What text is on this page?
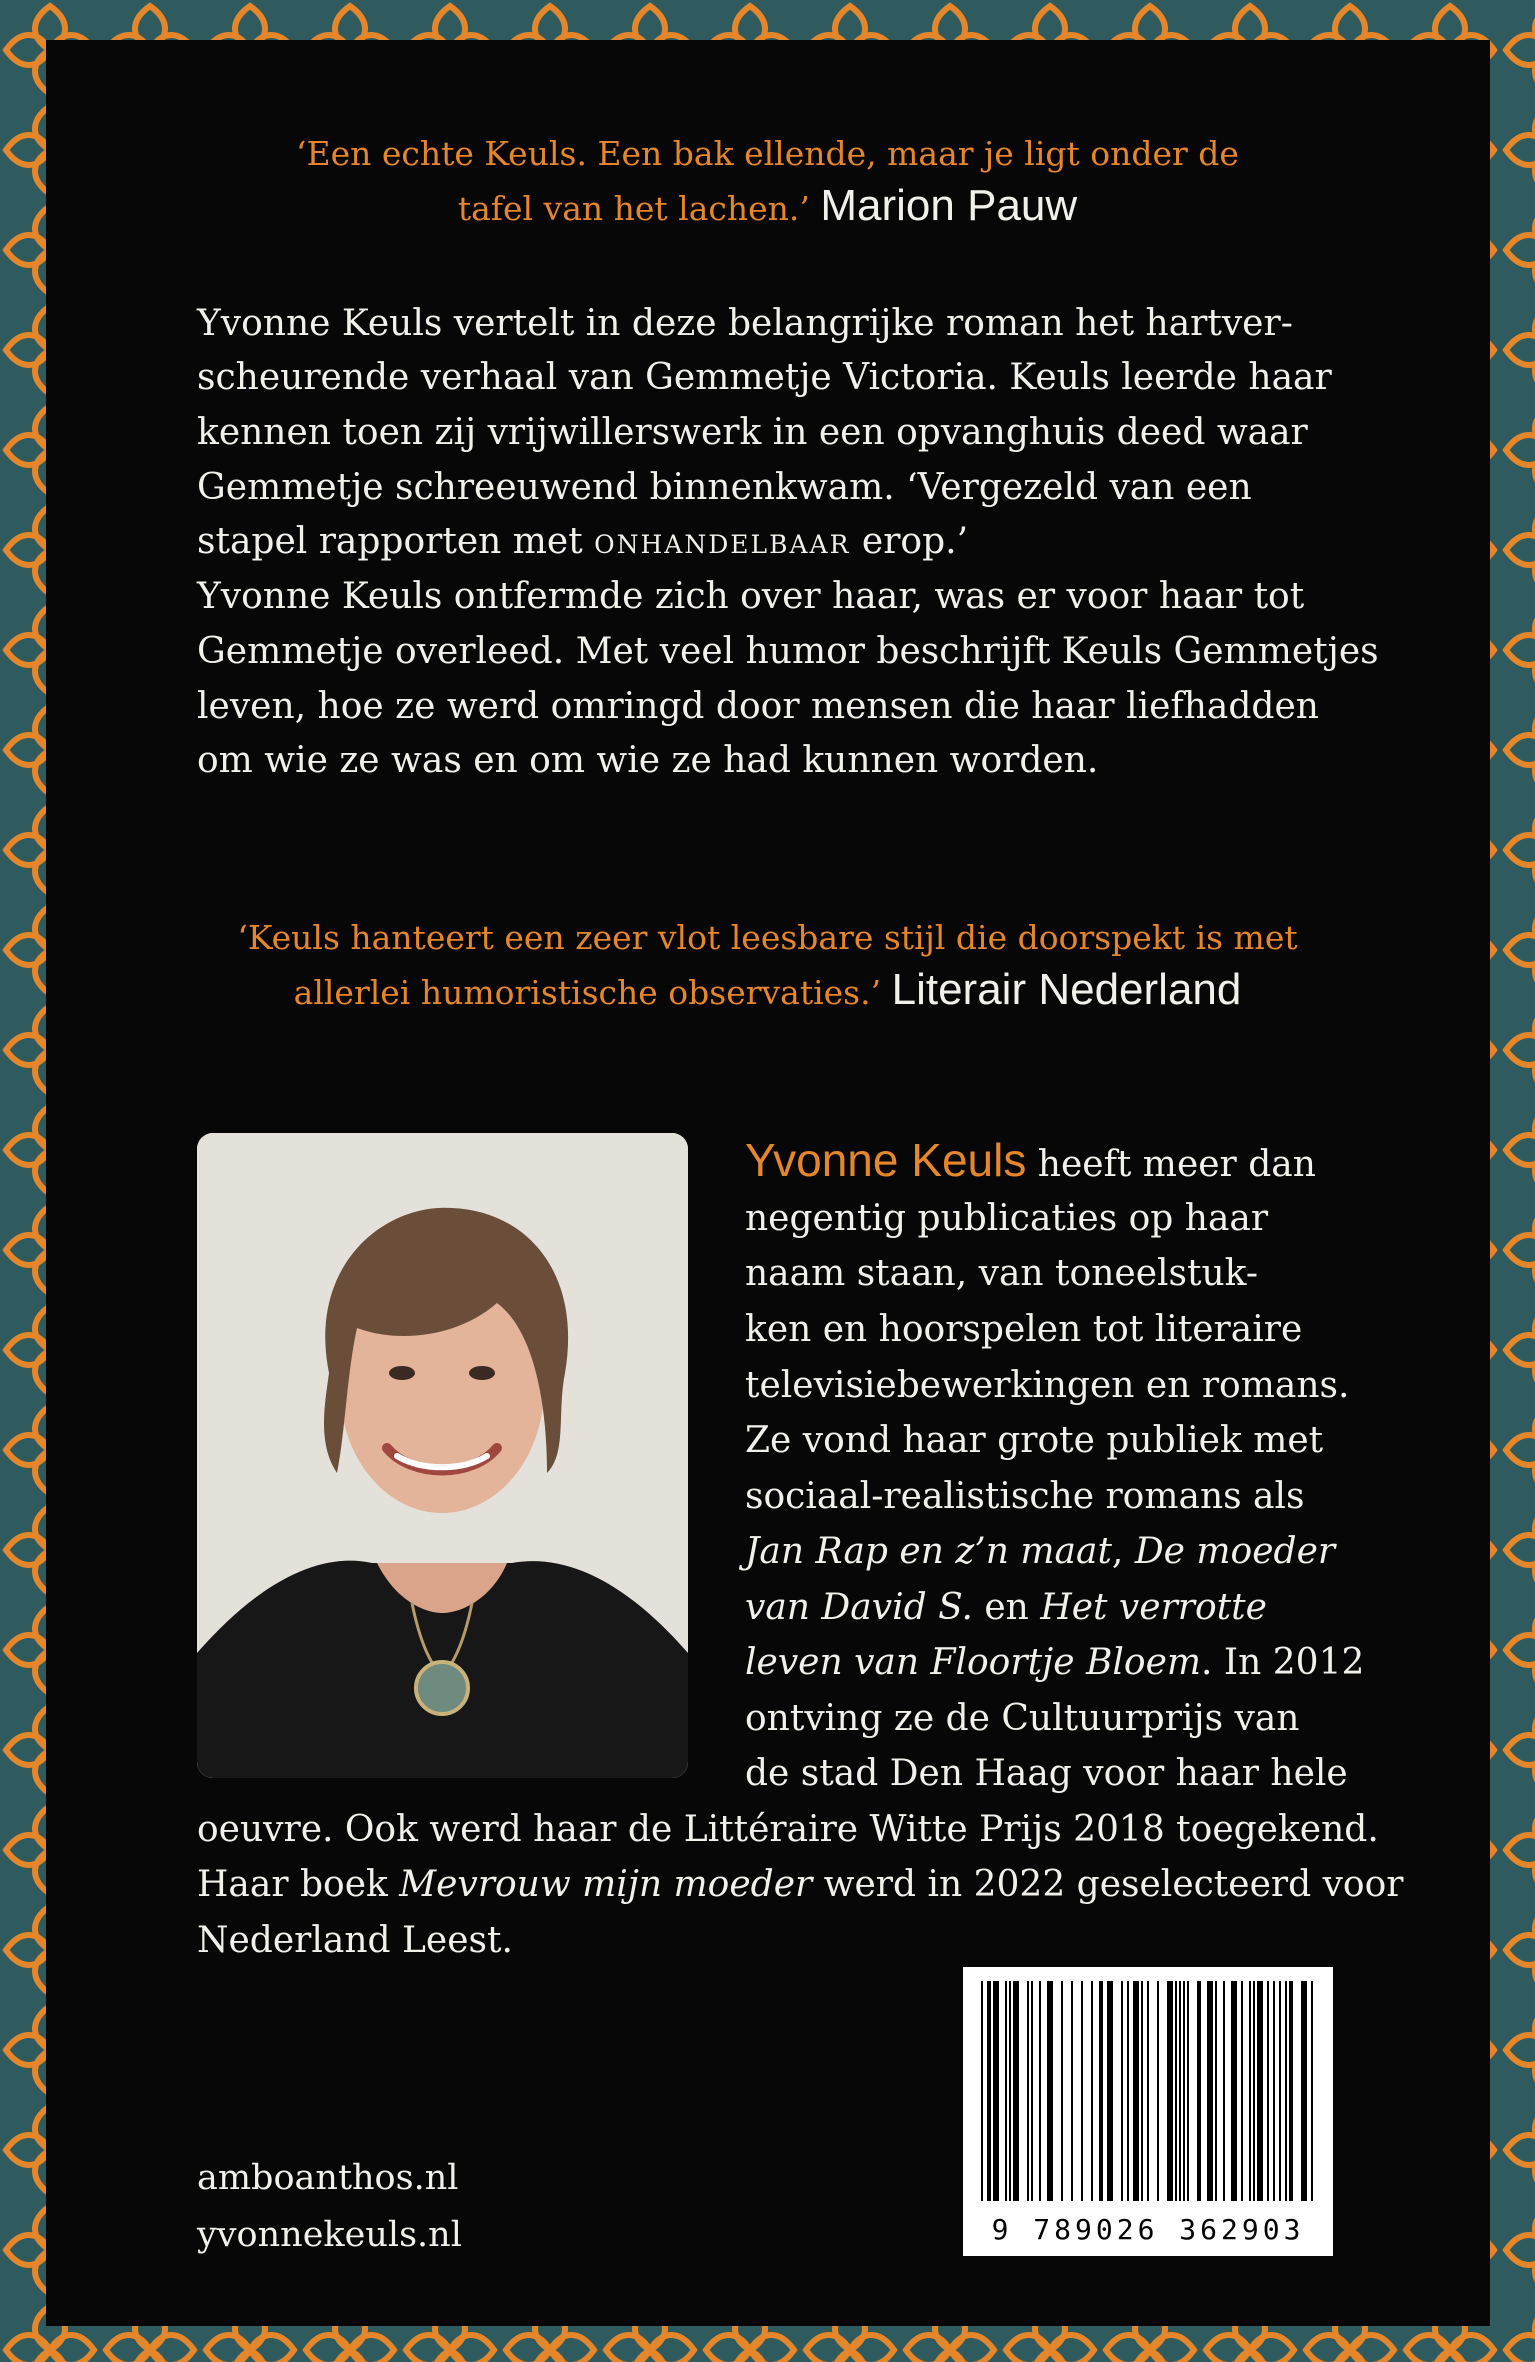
‘Een echte Keuls. Een bak ellende, maar je ligt onder de
tafel van het lachen.’ Marion Pauw

Yvonne Keuls vertelt in deze belangrijke roman het hartver-

scheurende verhaal van Gemmetje Victoria. Keuls leerde haar

kennen toen zij vrijwillerswerk in een opvanghuis deed waar

Gemmetje schreeuwend binnenkwam. ‘Vergezeld van een

stapel rapporten met ONHANDELBAAR erop.’

Yvonne Keuls ontfermde zich over haar, was er voor haar tot

Gemmetje overleed. Met veel humor beschrijft Keuls Gemmetjes

leven, hoe ze werd omringd door mensen die haar liefhadden

om wie ze was en om wie ze had kunnen worden.

‘Keuls hanteert een zeer vlot leesbare stijl die doorspekt is met
allerlei humoristische observaties.’ Literair Nederland

Yvonne Keuls heeft meer dan

negentig publicaties op haar

naam staan, van toneelstuk-

ken en hoorspelen tot literaire

televisiebewerkingen en romans.

Ze vond haar grote publiek met

sociaal-realistische romans als

Jan Rap en z’n maat, De moeder

van David S. en Het verrotte

leven van Floortje Bloem. In 2012

ontving ze de Cultuurprijs van

de stad Den Haag voor haar hele

oeuvre. Ook werd haar de Littéraire Witte Prijs 2018 toegekend.

Haar boek Mevrouw mijn moeder werd in 2022 geselecteerd voor

Nederland Leest.

amboanthos.nl

yvonnekeuls.nl	9 789026 362903
